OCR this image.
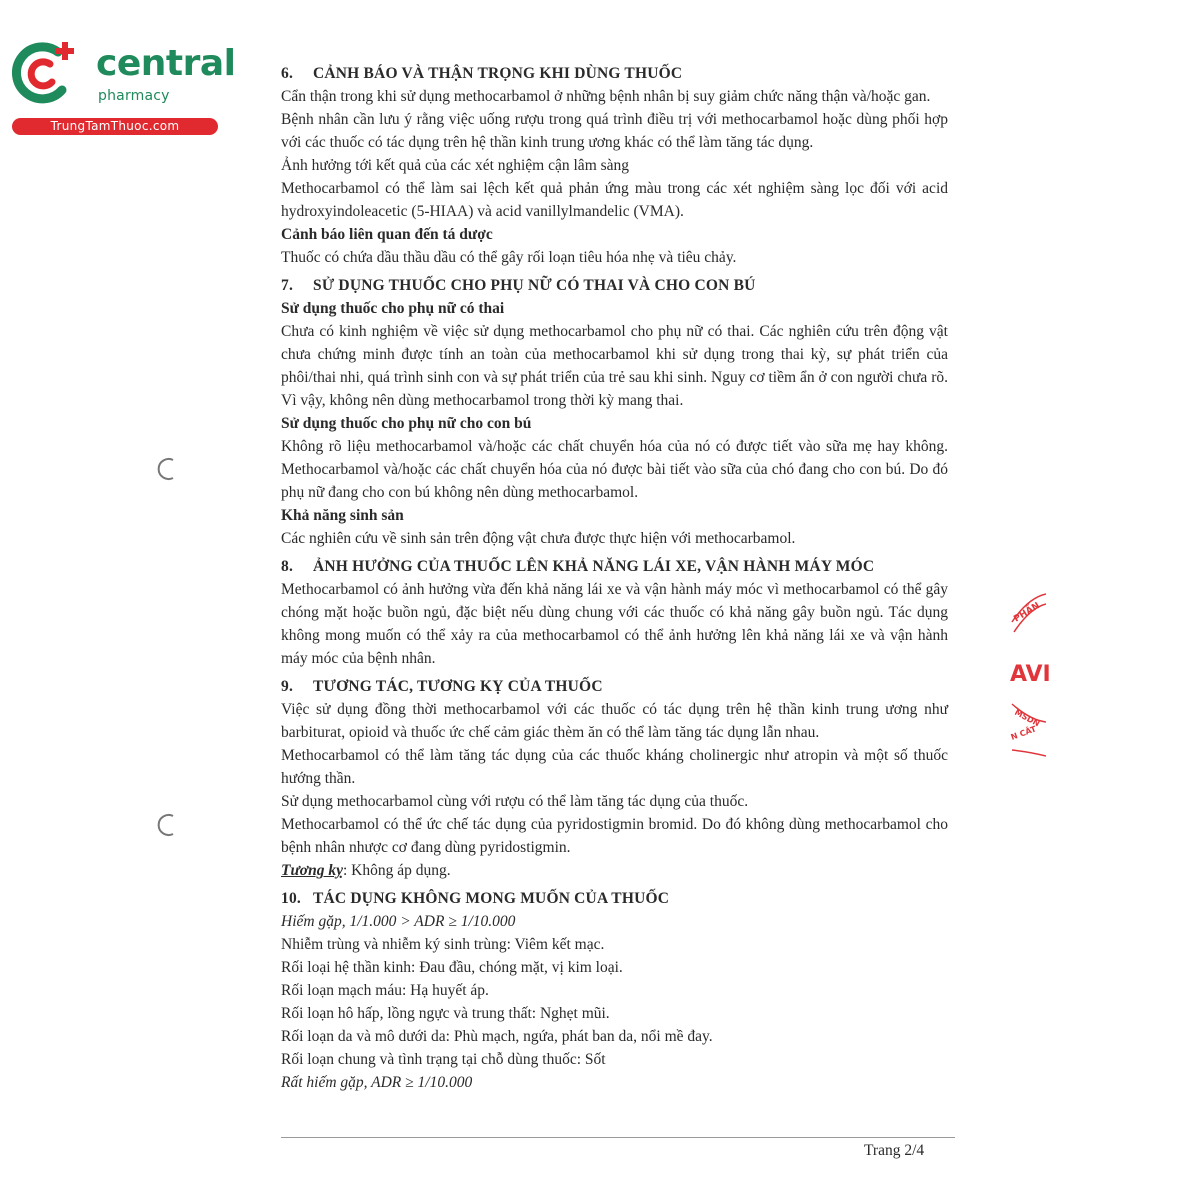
central
pharmacy
TrungTamThuoc.com
6. CẢNH BÁO VÀ THẬN TRỌNG KHI DÙNG THUỐC
Cẩn thận trong khi sử dụng methocarbamol ở những bệnh nhân bị suy giảm chức năng thận và/hoặc gan.
Bệnh nhân cần lưu ý rằng việc uống rượu trong quá trình điều trị với methocarbamol hoặc dùng phối hợp với các thuốc có tác dụng trên hệ thần kinh trung ương khác có thể làm tăng tác dụng.
Ảnh hưởng tới kết quả của các xét nghiệm cận lâm sàng
Methocarbamol có thể làm sai lệch kết quả phản ứng màu trong các xét nghiệm sàng lọc đối với acid hydroxyindoleacetic (5-HIAA) và acid vanillylmandelic (VMA).
Cảnh báo liên quan đến tá dược
Thuốc có chứa dầu thầu dầu có thể gây rối loạn tiêu hóa nhẹ và tiêu chảy.
7. SỬ DỤNG THUỐC CHO PHỤ NỮ CÓ THAI VÀ CHO CON BÚ
Sử dụng thuốc cho phụ nữ có thai
Chưa có kinh nghiệm về việc sử dụng methocarbamol cho phụ nữ có thai. Các nghiên cứu trên động vật chưa chứng minh được tính an toàn của methocarbamol khi sử dụng trong thai kỳ, sự phát triển của phôi/thai nhi, quá trình sinh con và sự phát triển của trẻ sau khi sinh. Nguy cơ tiềm ẩn ở con người chưa rõ. Vì vậy, không nên dùng methocarbamol trong thời kỳ mang thai.
Sử dụng thuốc cho phụ nữ cho con bú
Không rõ liệu methocarbamol và/hoặc các chất chuyển hóa của nó có được tiết vào sữa mẹ hay không. Methocarbamol và/hoặc các chất chuyển hóa của nó được bài tiết vào sữa của chó đang cho con bú. Do đó phụ nữ đang cho con bú không nên dùng methocarbamol.
Khả năng sinh sản
Các nghiên cứu về sinh sản trên động vật chưa được thực hiện với methocarbamol.
8. ẢNH HƯỞNG CỦA THUỐC LÊN KHẢ NĂNG LÁI XE, VẬN HÀNH MÁY MÓC
Methocarbamol có ảnh hưởng vừa đến khả năng lái xe và vận hành máy móc vì methocarbamol có thể gây chóng mặt hoặc buồn ngủ, đặc biệt nếu dùng chung với các thuốc có khả năng gây buồn ngủ. Tác dụng không mong muốn có thể xảy ra của methocarbamol có thể ảnh hưởng lên khả năng lái xe và vận hành máy móc của bệnh nhân.
9. TƯƠNG TÁC, TƯƠNG KỴ CỦA THUỐC
Việc sử dụng đồng thời methocarbamol với các thuốc có tác dụng trên hệ thần kinh trung ương như barbiturat, opioid và thuốc ức chế cảm giác thèm ăn có thể làm tăng tác dụng lẫn nhau.
Methocarbamol có thể làm tăng tác dụng của các thuốc kháng cholinergic như atropin và một số thuốc hướng thần.
Sử dụng methocarbamol cùng với rượu có thể làm tăng tác dụng của thuốc.
Methocarbamol có thể ức chế tác dụng của pyridostigmin bromid. Do đó không dùng methocarbamol cho bệnh nhân nhược cơ đang dùng pyridostigmin.
Tương kỵ: Không áp dụng.
10. TÁC DỤNG KHÔNG MONG MUỐN CỦA THUỐC
Hiếm gặp, 1/1.000 > ADR ≥ 1/10.000
Nhiễm trùng và nhiễm ký sinh trùng: Viêm kết mạc.
Rối loại hệ thần kinh: Đau đầu, chóng mặt, vị kim loại.
Rối loạn mạch máu: Hạ huyết áp.
Rối loạn hô hấp, lồng ngực và trung thất: Nghẹt mũi.
Rối loạn da và mô dưới da: Phù mạch, ngứa, phát ban da, nổi mề đay.
Rối loạn chung và tình trạng tại chỗ dùng thuốc: Sốt
Rất hiếm gặp, ADR ≥ 1/10.000
Trang 2/4
PHẨN
AVI
MSDN
N CÂT
